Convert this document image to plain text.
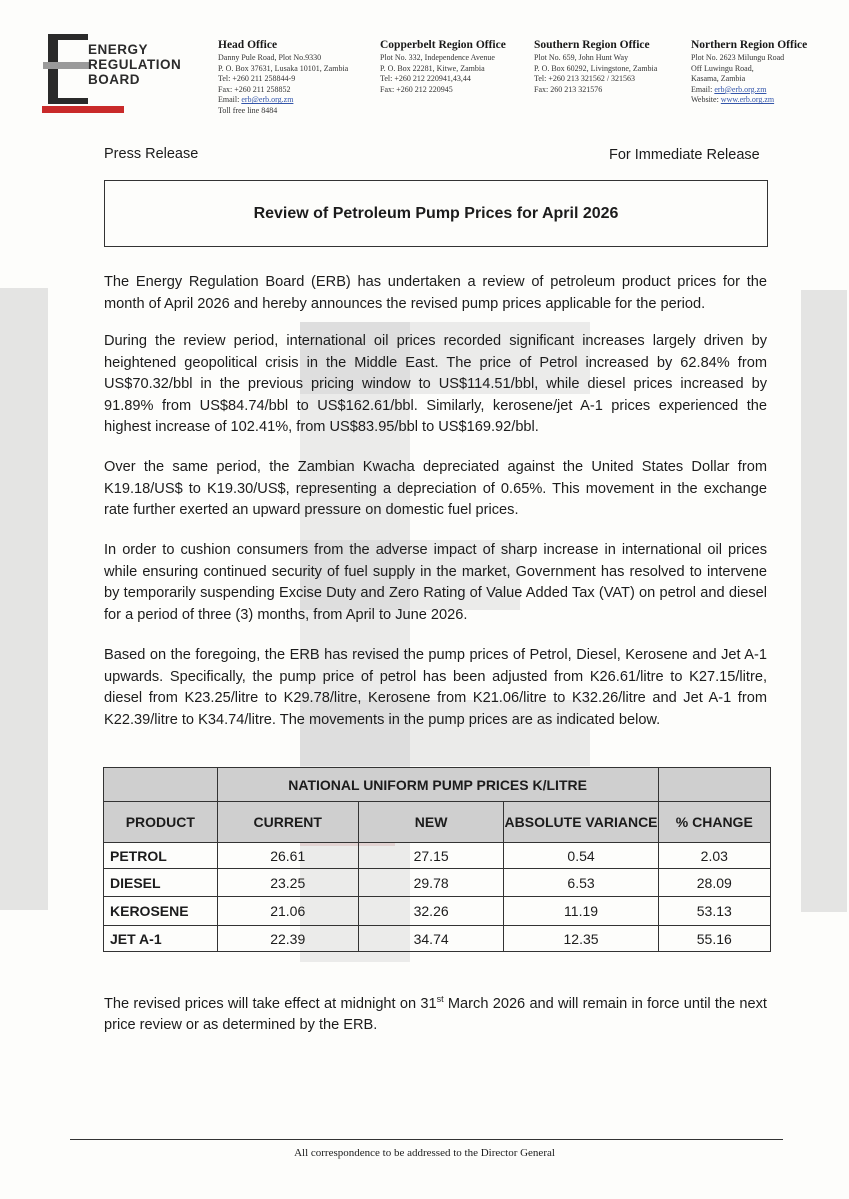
ENERGY
REGULATION
BOARD
Head Office
Danny Pule Road, Plot No.9330
P. O. Box 37631, Lusaka 10101, Zambia
Tel: +260 211 258844-9
Fax: +260 211 258852
Email: erb@erb.org.zm
Toll free line 8484
Copperbelt Region Office
Plot No. 332, Independence Avenue
P. O. Box 22281, Kitwe, Zambia
Tel: +260 212 220941,43,44
Fax: +260 212 220945
Southern Region Office
Plot No. 659, John Hunt Way
P. O. Box 60292, Livingstone, Zambia
Tel: +260 213 321562 / 321563
Fax: 260 213 321576
Northern Region Office
Plot No. 2623 Milungu Road
Off Luwingu Road,
Kasama, Zambia
Email: erb@erb.org.zm
Website: www.erb.org.zm
Press Release	For Immediate Release
Review of Petroleum Pump Prices for April 2026
The Energy Regulation Board (ERB) has undertaken a review of petroleum product prices for the month of April 2026 and hereby announces the revised pump prices applicable for the period.
During the review period, international oil prices recorded significant increases largely driven by heightened geopolitical crisis in the Middle East. The price of Petrol increased by 62.84% from US$70.32/bbl in the previous pricing window to US$114.51/bbl, while diesel prices increased by 91.89% from US$84.74/bbl to US$162.61/bbl. Similarly, kerosene/jet A-1 prices experienced the highest increase of 102.41%, from US$83.95/bbl to US$169.92/bbl.
Over the same period, the Zambian Kwacha depreciated against the United States Dollar from K19.18/US$ to K19.30/US$, representing a depreciation of 0.65%. This movement in the exchange rate further exerted an upward pressure on domestic fuel prices.
In order to cushion consumers from the adverse impact of sharp increase in international oil prices while ensuring continued security of fuel supply in the market, Government has resolved to intervene by temporarily suspending Excise Duty and Zero Rating of Value Added Tax (VAT) on petrol and diesel for a period of three (3) months, from April to June 2026.
Based on the foregoing, the ERB has revised the pump prices of Petrol, Diesel, Kerosene and Jet A-1 upwards. Specifically, the pump price of petrol has been adjusted from K26.61/litre to K27.15/litre, diesel from K23.25/litre to K29.78/litre, Kerosene from K21.06/litre to K32.26/litre and Jet A-1 from K22.39/litre to K34.74/litre. The movements in the pump prices are as indicated below.
	NATIONAL UNIFORM PUMP PRICES K/LITRE			
PRODUCT	CURRENT	NEW	ABSOLUTE VARIANCE	% CHANGE
PETROL	26.61	27.15	0.54	2.03
DIESEL	23.25	29.78	6.53	28.09
KEROSENE	21.06	32.26	11.19	53.13
JET A-1	22.39	34.74	12.35	55.16
The revised prices will take effect at midnight on 31st March 2026 and will remain in force until the next price review or as determined by the ERB.
All correspondence to be addressed to the Director General
